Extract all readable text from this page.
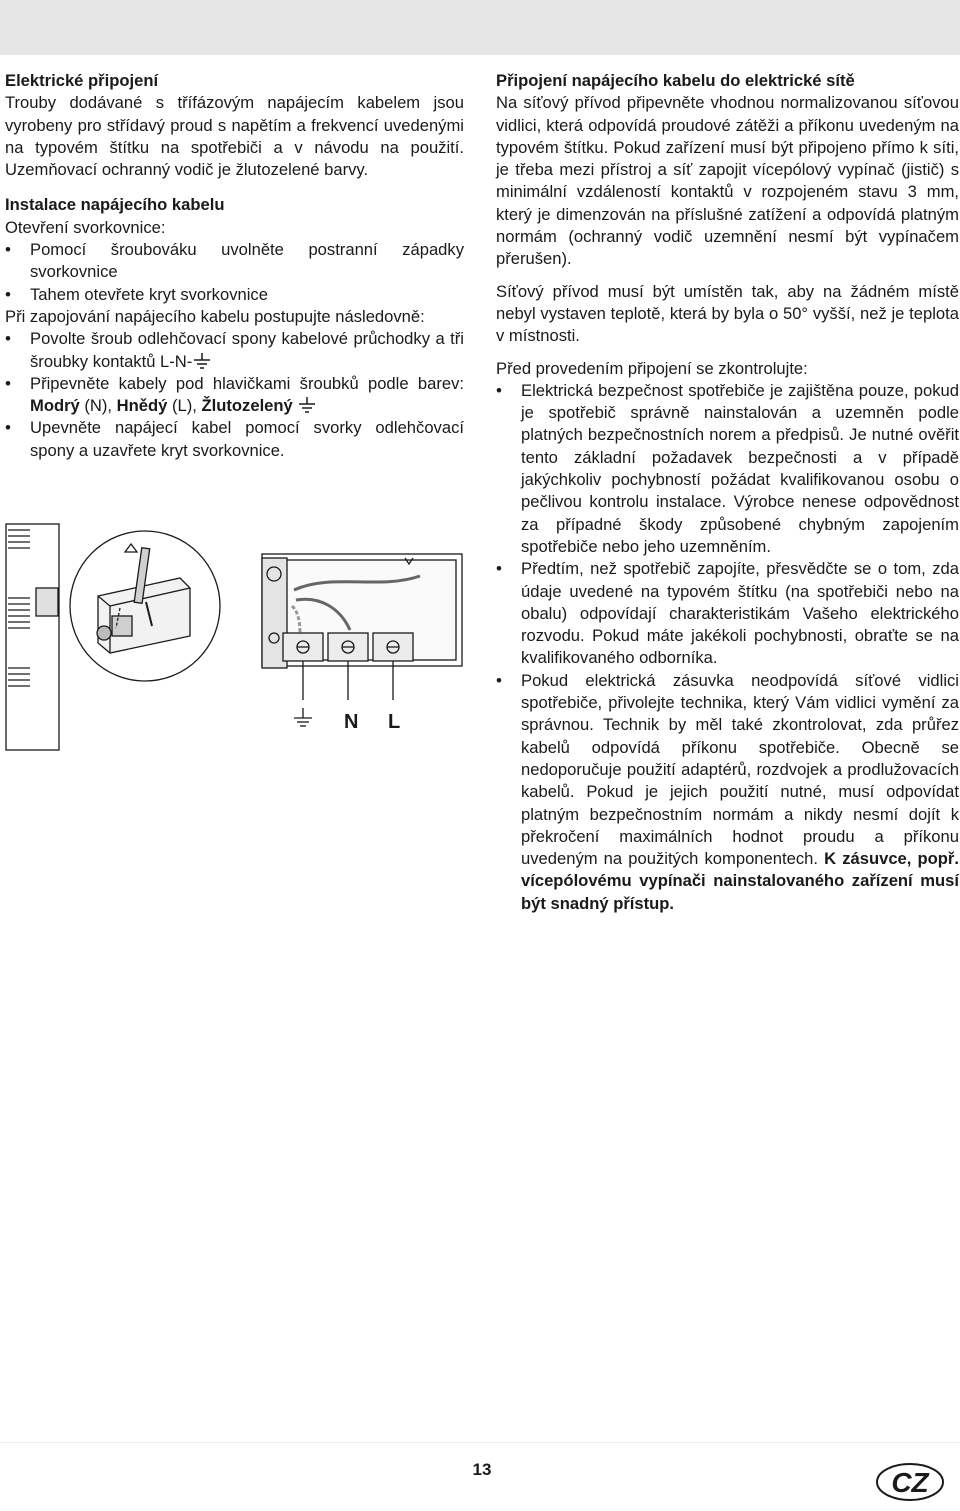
Elektrické připojení

Trouby dodávané s třífázovým napájecím kabelem jsou vyrobeny pro střídavý proud s napětím a frekvencí uvedenými na typovém štítku na spotřebiči a v návodu na použití. Uzemňovací ochranný vodič je žlutozelené barvy.

Instalace napájecího kabelu

Otevření svorkovnice:

• Pomocí šroubováku uvolněte postranní západky svorkovnice
• Tahem otevřete kryt svorkovnice

Při zapojování napájecího kabelu postupujte následovně:

• Povolte šroub odlehčovací spony kabelové průchodky a tři šroubky kontaktů L-N-
• Připevněte kabely pod hlavičkami šroubků podle barev: Modrý (N), Hnědý (L), Žlutozelený
• Upevněte napájecí kabel pomocí svorky odlehčovací spony a uzavřete kryt svorkovnice.
N L

Připojení napájecího kabelu do elektrické sítě

Na síťový přívod připevněte vhodnou normalizovanou síťovou vidlici, která odpovídá proudové zátěži a příkonu uvedeným na typovém štítku. Pokud zařízení musí být připojeno přímo k síti, je třeba mezi přístroj a síť zapojit vícepólový vypínač (jistič) s minimální vzdáleností kontaktů v rozpojeném stavu 3 mm, který je dimenzován na příslušné zatížení a odpovídá platným normám (ochranný vodič uzemnění nesmí být vypínačem přerušen).

Síťový přívod musí být umístěn tak, aby na žádném místě nebyl vystaven teplotě, která by byla o 50° vyšší, než je teplota v místnosti.

Před provedením připojení se zkontrolujte:

• Elektrická bezpečnost spotřebiče je zajištěna pouze, pokud je spotřebič správně nainstalován a uzemněn podle platných bezpečnostních norem a předpisů. Je nutné ověřit tento základní požadavek bezpečnosti a v případě jakýchkoliv pochybností požádat kvalifikovanou osobu o pečlivou kontrolu instalace. Výrobce nenese odpovědnost za případné škody způsobené chybným zapojením spotřebiče nebo jeho uzemněním.
• Předtím, než spotřebič zapojíte, přesvědčte se o tom, zda údaje uvedené na typovém štítku (na spotřebiči nebo na obalu) odpovídají charakteristikám Vašeho elektrického rozvodu. Pokud máte jakékoli pochybnosti, obraťte se na kvalifikovaného odborníka.
• Pokud elektrická zásuvka neodpovídá síťové vidlici spotřebiče, přivolejte technika, který Vám vidlici vymění za správnou. Technik by měl také zkontrolovat, zda průřez kabelů odpovídá příkonu spotřebiče. Obecně se nedoporučuje použití adaptérů, rozdvojek a prodlužovacích kabelů. Pokud je jejich použití nutné, musí odpovídat platným bezpečnostním normám a nikdy nesmí dojít k překročení maximálních hodnot proudu a příkonu uvedeným na použitých komponentech. K zásuvce, popř. vícepólovému vypínači nainstalovaného zařízení musí být snadný přístup.
13	CZ
